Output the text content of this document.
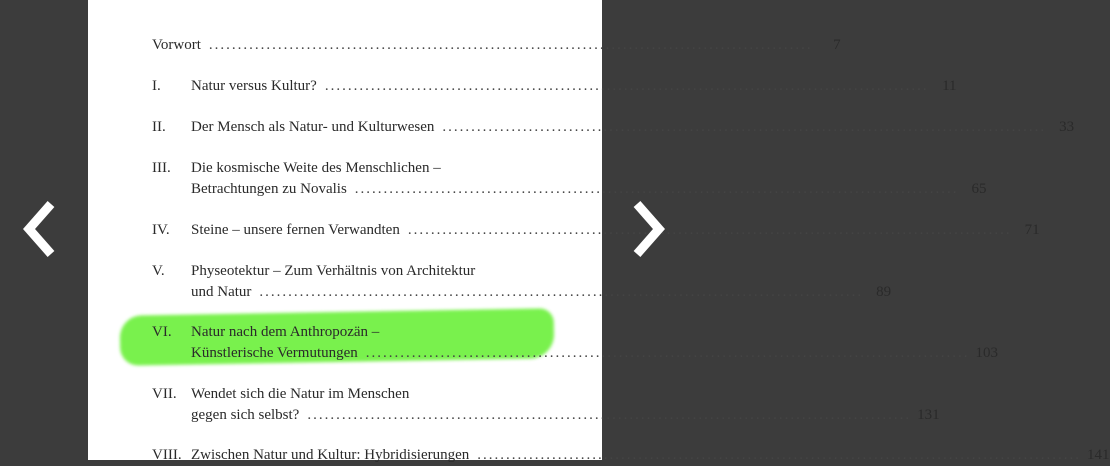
Vorwort .........................................................................................................	7
I. Natur versus Kultur? ......................................................................................................... 11
II. Der Mensch als Natur- und Kulturwesen ......................................................................................................... 33
III. Die kosmische Weite des Menschlichen –
Betrachtungen zu Novalis ......................................................................................................... 65
IV. Steine – unsere fernen Verwandten ......................................................................................................... 71
V. Physeotektur – Zum Verhältnis von Architektur
und Natur ......................................................................................................... 89
VI. Natur nach dem Anthropozän –
Künstlerische Vermutungen ......................................................................................................... 103
VII. Wendet sich die Natur im Menschen
gegen sich selbst? ......................................................................................................... 131
VIII. Zwischen Natur und Kultur: Hybridisierungen ......................................................................................................... 141
